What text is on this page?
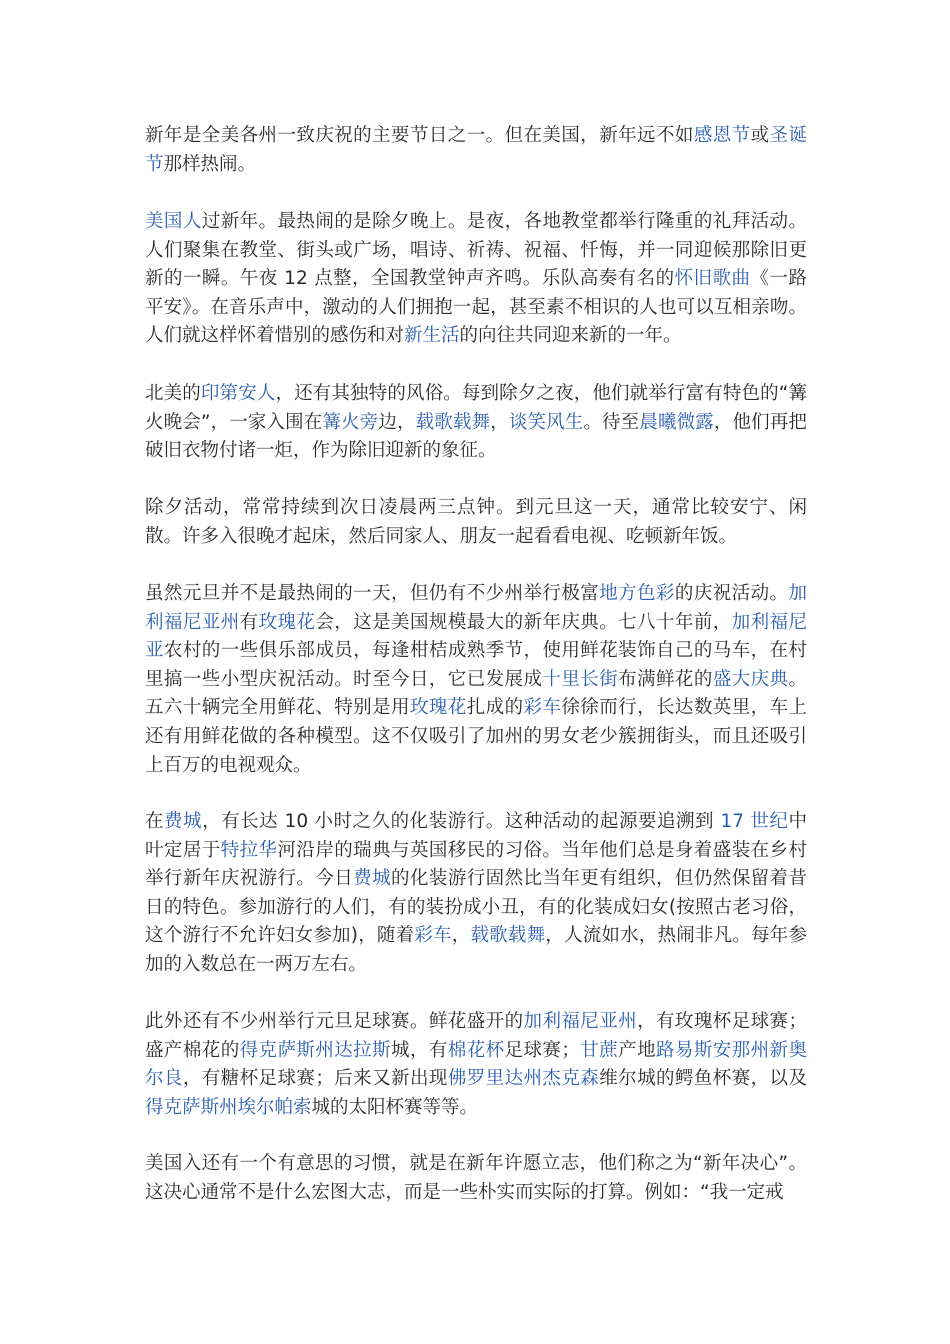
新年是全美各州一致庆祝的主要节日之一。但在美国，新年远不如感恩节或圣诞节那样热闹。

美国人过新年。最热闹的是除夕晚上。是夜，各地教堂都举行隆重的礼拜活动。人们聚集在教堂、街头或广场，唱诗、祈祷、祝福、忏悔，并一同迎候那除旧更新的一瞬。午夜 12 点整，全国教堂钟声齐鸣。乐队高奏有名的怀旧歌曲《一路平安》。在音乐声中，激动的人们拥抱一起，甚至素不相识的人也可以互相亲吻。人们就这样怀着惜别的感伤和对新生活的向往共同迎来新的一年。

北美的印第安人，还有其独特的风俗。每到除夕之夜，他们就举行富有特色的“篝火晚会”，一家入围在篝火旁边，载歌载舞，谈笑风生。待至晨曦微露，他们再把破旧衣物付诸一炬，作为除旧迎新的象征。

除夕活动，常常持续到次日凌晨两三点钟。到元旦这一天，通常比较安宁、闲散。许多入很晚才起床，然后同家人、朋友一起看看电视、吃顿新年饭。

虽然元旦并不是最热闹的一天，但仍有不少州举行极富地方色彩的庆祝活动。加利福尼亚州有玫瑰花会，这是美国规模最大的新年庆典。七八十年前，加利福尼亚农村的一些俱乐部成员，每逢柑桔成熟季节，使用鲜花装饰自己的马车，在村里搞一些小型庆祝活动。时至今日，它已发展成十里长街布满鲜花的盛大庆典。五六十辆完全用鲜花、特别是用玫瑰花扎成的彩车徐徐而行，长达数英里，车上还有用鲜花做的各种模型。这不仅吸引了加州的男女老少簇拥街头，而且还吸引上百万的电视观众。

在费城，有长达 10 小时之久的化装游行。这种活动的起源要追溯到 17 世纪中叶定居于特拉华河沿岸的瑞典与英国移民的习俗。当年他们总是身着盛装在乡村举行新年庆祝游行。今日费城的化装游行固然比当年更有组织，但仍然保留着昔日的特色。参加游行的人们，有的装扮成小丑，有的化装成妇女(按照古老习俗，这个游行不允许妇女参加)，随着彩车，载歌载舞，人流如水，热闹非凡。每年参加的入数总在一两万左右。

此外还有不少州举行元旦足球赛。鲜花盛开的加利福尼亚州，有玫瑰杯足球赛；盛产棉花的得克萨斯州达拉斯城，有棉花杯足球赛；甘蔗产地路易斯安那州新奥尔良，有糖杯足球赛；后来又新出现佛罗里达州杰克森维尔城的鳄鱼杯赛，以及得克萨斯州埃尔帕索城的太阳杯赛等等。

美国入还有一个有意思的习惯，就是在新年许愿立志，他们称之为“新年决心”。这决心通常不是什么宏图大志，而是一些朴实而实际的打算。例如：“我一定戒
